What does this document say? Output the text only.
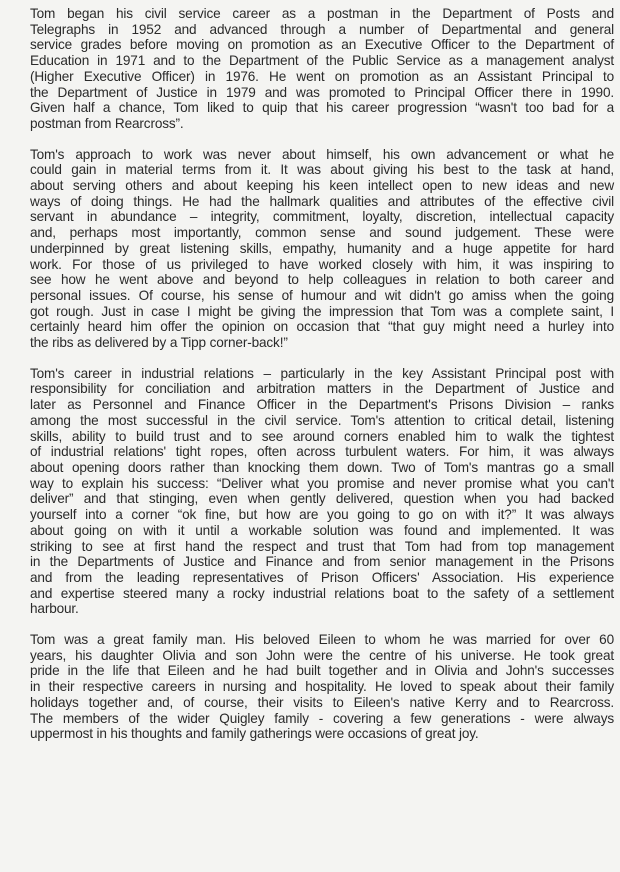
Tom began his civil service career as a postman in the Department of Posts and
Telegraphs in 1952 and advanced through a number of Departmental and general
service grades before moving on promotion as an Executive Officer to the Department of
Education in 1971 and to the Department of the Public Service as a management analyst
(Higher Executive Officer) in 1976. He went on promotion as an Assistant Principal to
the Department of Justice in 1979 and was promoted to Principal Officer there in 1990.
Given half a chance, Tom liked to quip that his career progression “wasn't too bad for a
postman from Rearcross”.

Tom's approach to work was never about himself, his own advancement or what he
could gain in material terms from it. It was about giving his best to the task at hand,
about serving others and about keeping his keen intellect open to new ideas and new
ways of doing things. He had the hallmark qualities and attributes of the effective civil
servant in abundance – integrity, commitment, loyalty, discretion, intellectual capacity
and, perhaps most importantly, common sense and sound judgement. These were
underpinned by great listening skills, empathy, humanity and a huge appetite for hard
work. For those of us privileged to have worked closely with him, it was inspiring to
see how he went above and beyond to help colleagues in relation to both career and
personal issues. Of course, his sense of humour and wit didn't go amiss when the going
got rough. Just in case I might be giving the impression that Tom was a complete saint, I
certainly heard him offer the opinion on occasion that “that guy might need a hurley into
the ribs as delivered by a Tipp corner-back!”

Tom's career in industrial relations – particularly in the key Assistant Principal post with
responsibility for conciliation and arbitration matters in the Department of Justice and
later as Personnel and Finance Officer in the Department's Prisons Division – ranks
among the most successful in the civil service. Tom's attention to critical detail, listening
skills, ability to build trust and to see around corners enabled him to walk the tightest
of industrial relations' tight ropes, often across turbulent waters. For him, it was always
about opening doors rather than knocking them down. Two of Tom's mantras go a small
way to explain his success: “Deliver what you promise and never promise what you can't
deliver” and that stinging, even when gently delivered, question when you had backed
yourself into a corner “ok fine, but how are you going to go on with it?” It was always
about going on with it until a workable solution was found and implemented. It was
striking to see at first hand the respect and trust that Tom had from top management
in the Departments of Justice and Finance and from senior management in the Prisons
and from the leading representatives of Prison Officers' Association. His experience
and expertise steered many a rocky industrial relations boat to the safety of a settlement
harbour.

Tom was a great family man. His beloved Eileen to whom he was married for over 60
years, his daughter Olivia and son John were the centre of his universe. He took great
pride in the life that Eileen and he had built together and in Olivia and John's successes
in their respective careers in nursing and hospitality. He loved to speak about their family
holidays together and, of course, their visits to Eileen's native Kerry and to Rearcross.
The members of the wider Quigley family - covering a few generations - were always
uppermost in his thoughts and family gatherings were occasions of great joy.
